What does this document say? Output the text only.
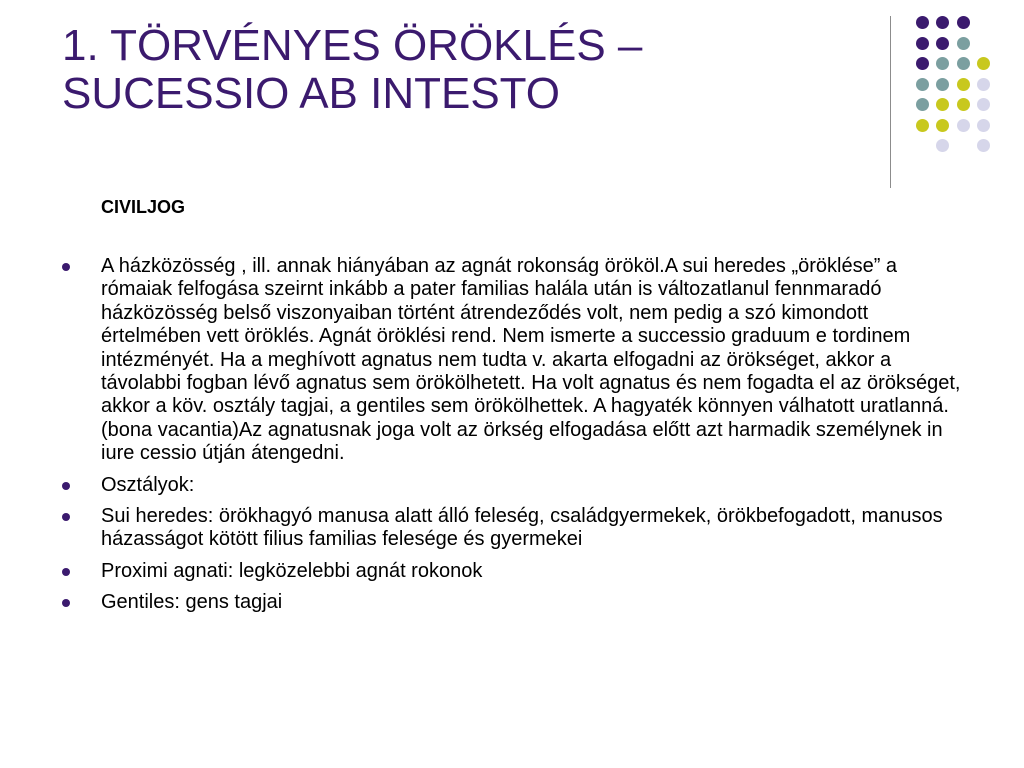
1. TÖRVÉNYES ÖRÖKLÉS –
SUCESSIO AB INTESTO
CIVILJOG
A házközösség , ill. annak hiányában az agnát rokonság örököl.A sui heredes „öröklése” a rómaiak felfogása szeirnt inkább a pater familias halála után is változatlanul fennmaradó házközösség belső viszonyaiban történt átrendeződés volt, nem pedig a szó kimondott értelmében vett öröklés. Agnát öröklési rend. Nem ismerte a successio graduum e tordinem intézményét. Ha a meghívott agnatus nem tudta v. akarta elfogadni az örökséget, akkor a távolabbi fogban lévő agnatus sem örökölhetett. Ha volt agnatus és nem fogadta el az örökséget, akkor a köv. osztály tagjai, a gentiles sem örökölhettek. A hagyaték könnyen válhatott uratlanná. (bona vacantia)Az agnatusnak joga volt az örkség elfogadása előtt azt harmadik személynek in iure cessio útján átengedni.
Osztályok:
Sui heredes: örökhagyó manusa alatt álló feleség, családgyermekek, örökbefogadott, manusos házasságot kötött filius familias felesége és gyermekei
Proximi agnati: legközelebbi agnát rokonok
Gentiles: gens tagjai
